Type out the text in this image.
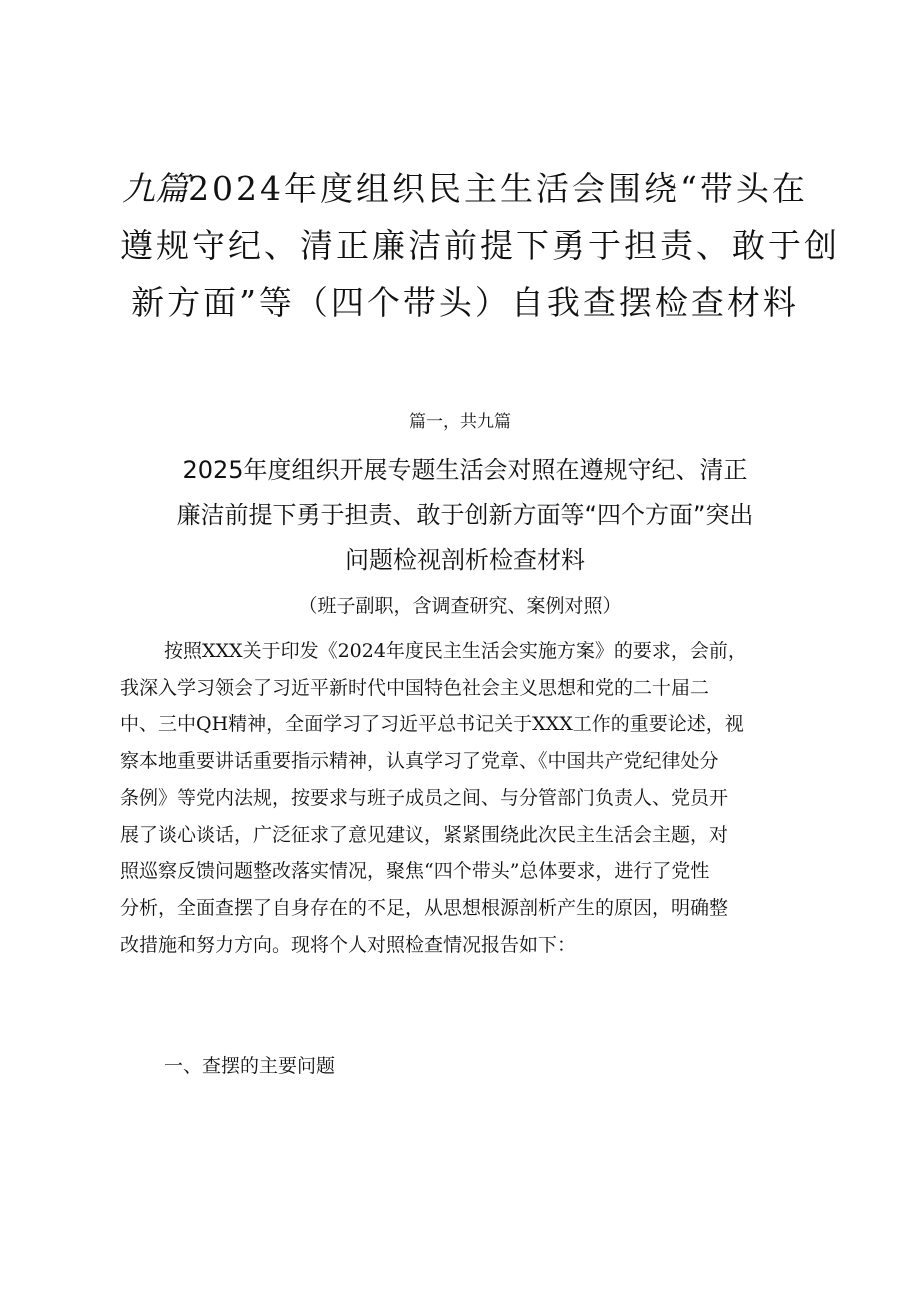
九篇2024年度组织民主生活会围绕“带头在
遵规守纪、清正廉洁前提下勇于担责、敢于创
新方面”等（四个带头）自我查摆检查材料
篇一，共九篇
2025年度组织开展专题生活会对照在遵规守纪、清正
廉洁前提下勇于担责、敢于创新方面等“四个方面”突出
问题检视剖析检查材料
（班子副职，含调查研究、案例对照）

按照XXX关于印发《2024年度民主生活会实施方案》的要求，会前，
我深入学习领会了习近平新时代中国特色社会主义思想和党的二十届二
中、三中QH精神，全面学习了习近平总书记关于XXX工作的重要论述，视
察本地重要讲话重要指示精神，认真学习了党章、《中国共产党纪律处分
条例》等党内法规，按要求与班子成员之间、与分管部门负责人、党员开
展了谈心谈话，广泛征求了意见建议，紧紧围绕此次民主生活会主题，对
照巡察反馈问题整改落实情况，聚焦“四个带头”总体要求，进行了党性
分析，全面查摆了自身存在的不足，从思想根源剖析产生的原因，明确整
改措施和努力方向。现将个人对照检查情况报告如下：

一、查摆的主要问题
